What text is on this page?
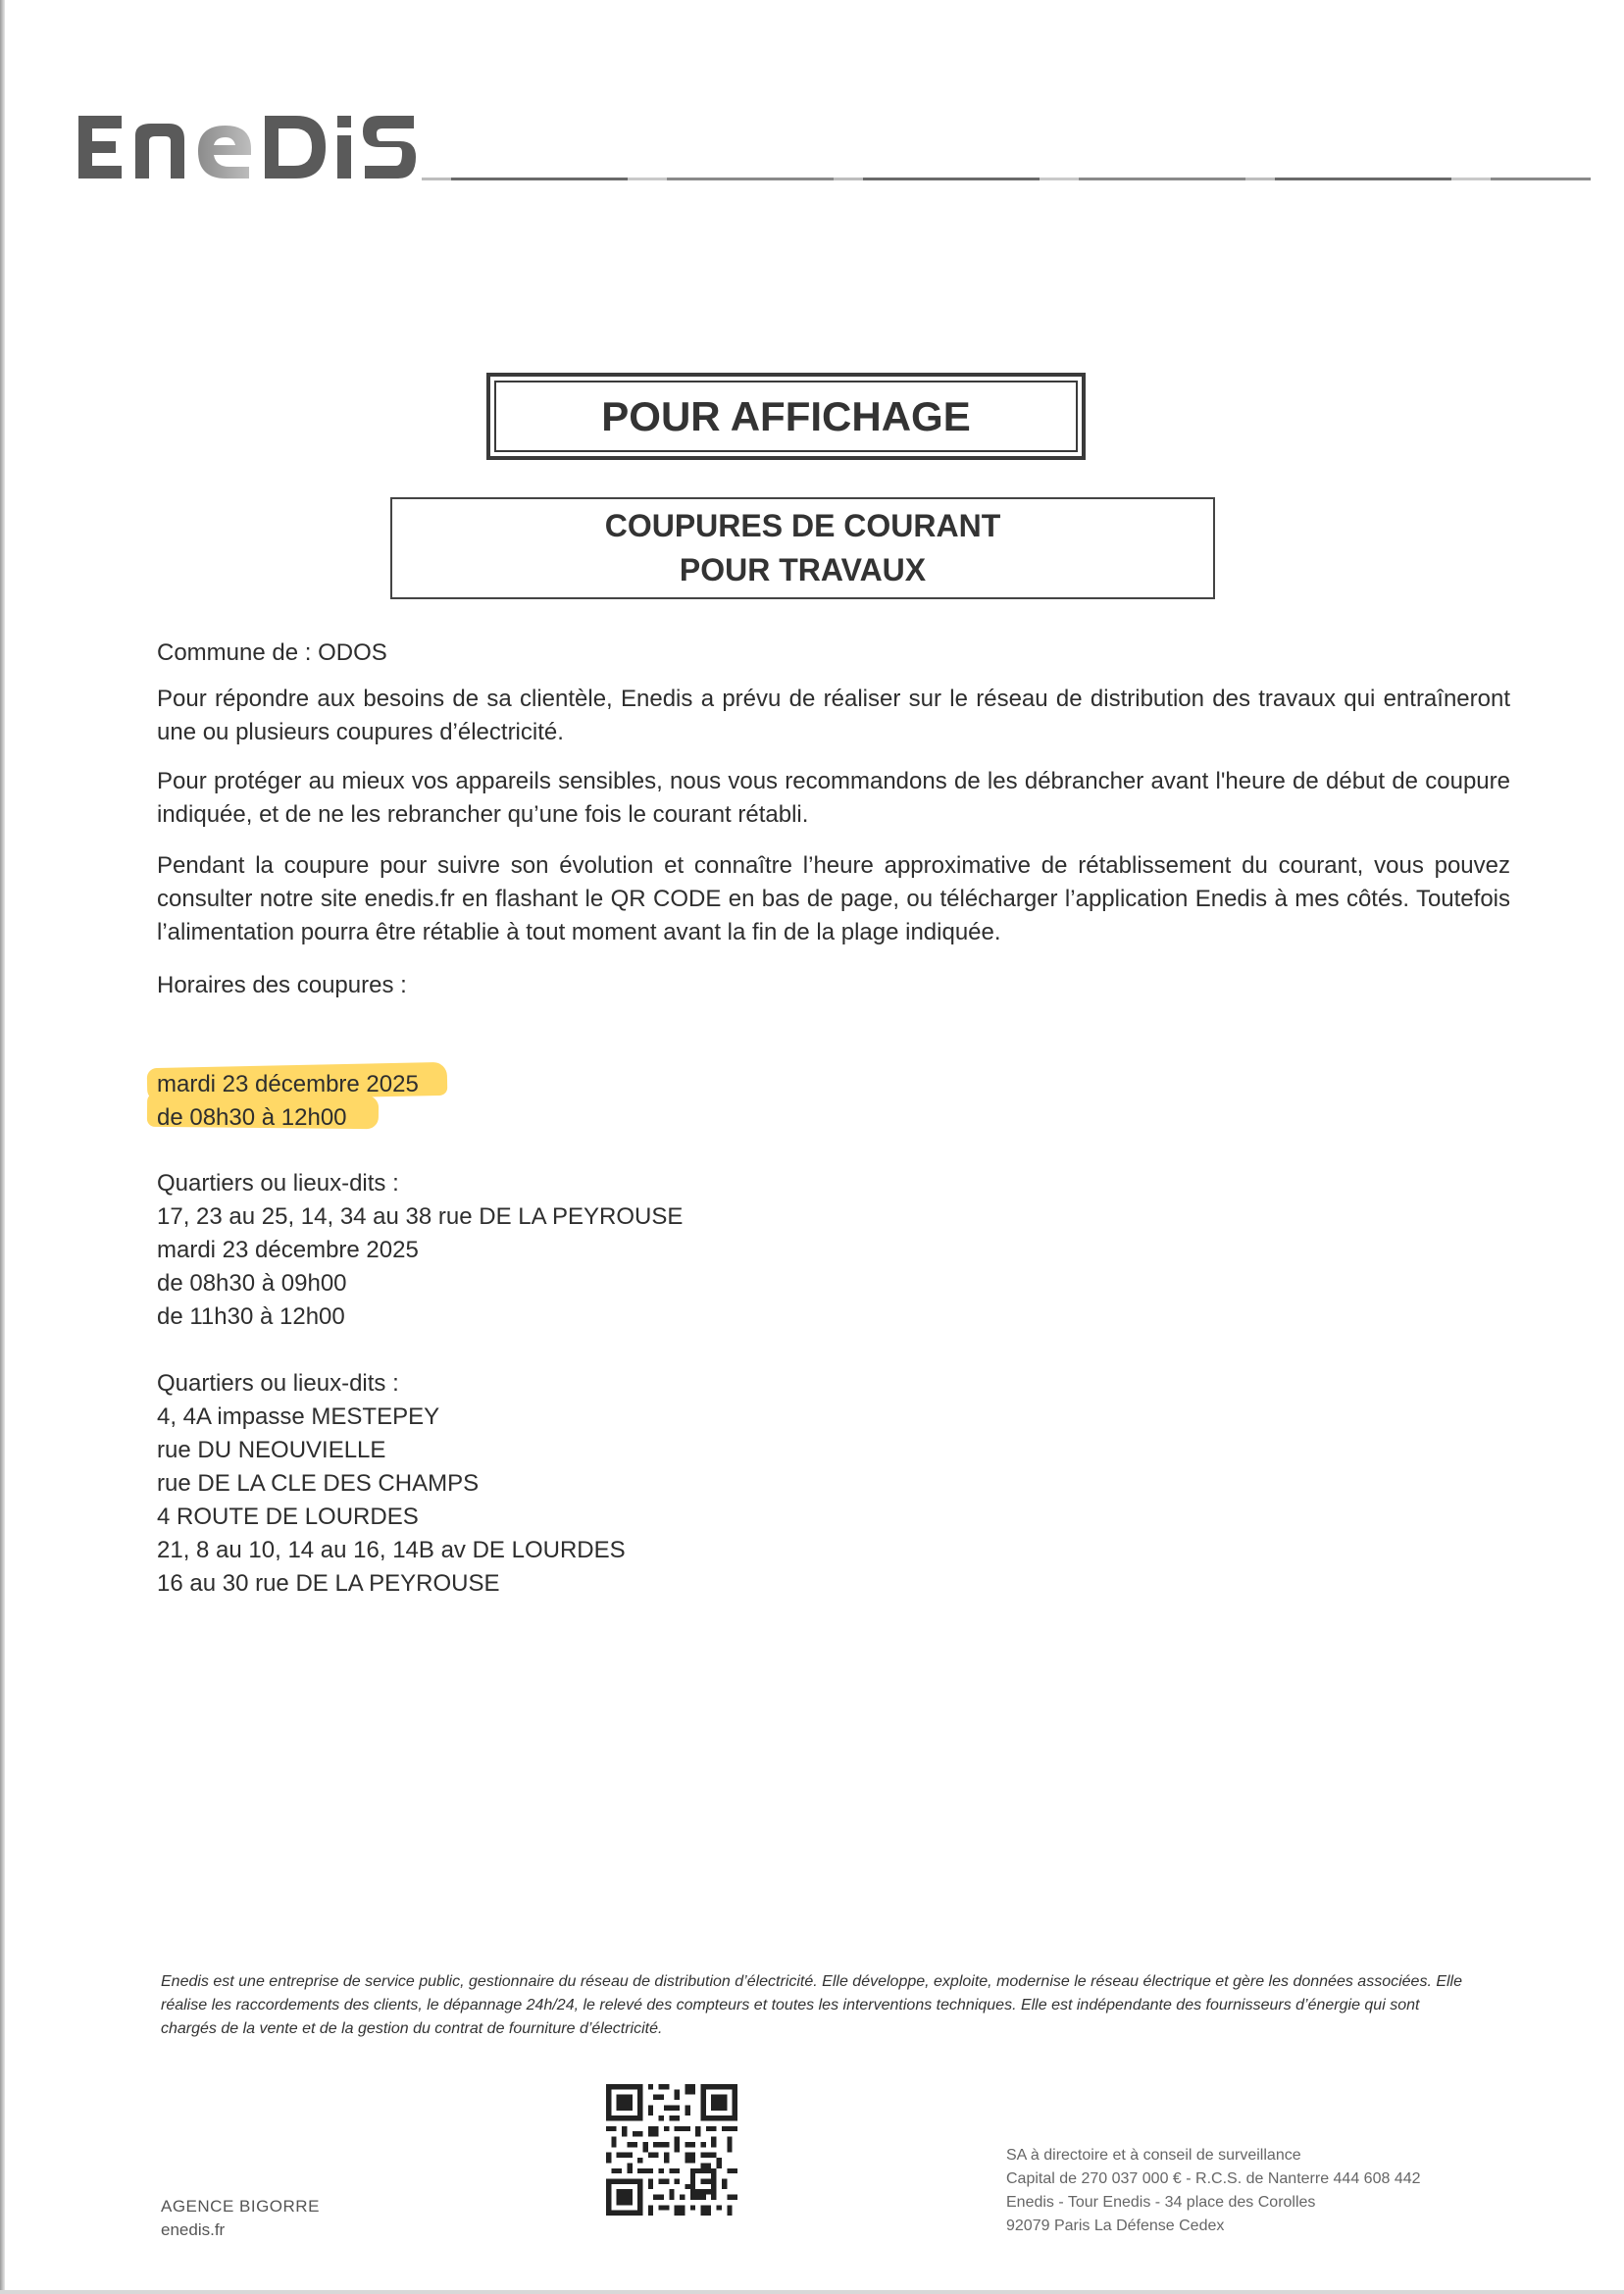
POUR AFFICHAGE
COUPURES DE COURANT
POUR TRAVAUX
Commune de : ODOS
Pour répondre aux besoins de sa clientèle, Enedis a prévu de réaliser sur le réseau de distribution des travaux qui entraîneront une ou plusieurs coupures d’électricité.
Pour protéger au mieux vos appareils sensibles, nous vous recommandons de les débrancher avant l'heure de début de coupure indiquée, et de ne les rebrancher qu’une fois le courant rétabli.
Pendant la coupure pour suivre son évolution et connaître l’heure approximative de rétablissement du courant, vous pouvez consulter notre site enedis.fr en flashant le QR CODE en bas de page, ou télécharger l’application Enedis à mes côtés. Toutefois l’alimentation pourra être rétablie à tout moment avant la fin de la plage indiquée.
Horaires des coupures :
mardi 23 décembre 2025
de 08h30 à 12h00
Quartiers ou lieux-dits :
17, 23 au 25, 14, 34 au 38 rue DE LA PEYROUSE
mardi 23 décembre 2025
de 08h30 à 09h00
de 11h30 à 12h00
Quartiers ou lieux-dits :
4, 4A impasse MESTEPEY
rue DU NEOUVIELLE
rue DE LA CLE DES CHAMPS
4 ROUTE DE LOURDES
21, 8 au 10, 14 au 16, 14B av DE LOURDES
16 au 30 rue DE LA PEYROUSE
Enedis est une entreprise de service public, gestionnaire du réseau de distribution d’électricité. Elle développe, exploite, modernise le réseau électrique et gère les données associées. Elle réalise les raccordements des clients, le dépannage 24h/24, le relevé des compteurs et toutes les interventions techniques. Elle est indépendante des fournisseurs d’énergie qui sont chargés de la vente et de la gestion du contrat de fourniture d’électricité.
AGENCE BIGORRE
enedis.fr
SA à directoire et à conseil de surveillance
Capital de 270 037 000 € - R.C.S. de Nanterre 444 608 442
Enedis - Tour Enedis - 34 place des Corolles
92079 Paris La Défense Cedex
